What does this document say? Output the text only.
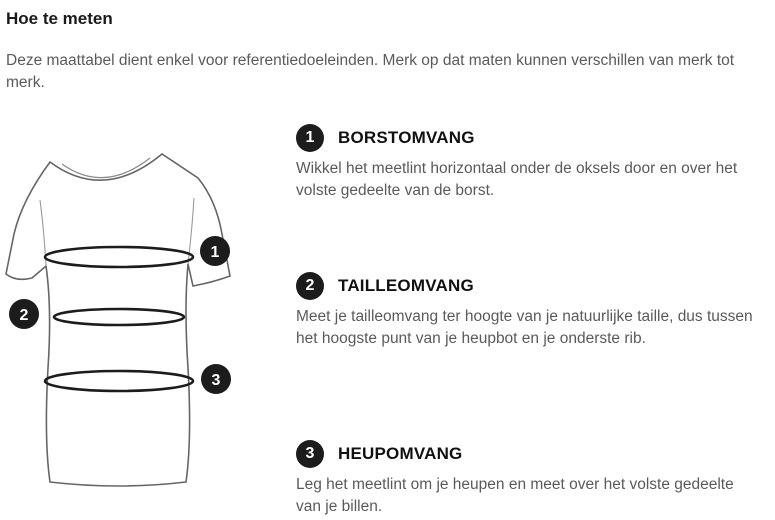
Hoe te meten
Deze maattabel dient enkel voor referentiedoeleinden. Merk op dat maten kunnen verschillen van merk tot merk.
1
2
3
1	BORSTOMVANG
Wikkel het meetlint horizontaal onder de oksels door en over het volste gedeelte van de borst.
2	TAILLEOMVANG
Meet je tailleomvang ter hoogte van je natuurlijke taille, dus tussen het hoogste punt van je heupbot en je onderste rib.
3	HEUPOMVANG
Leg het meetlint om je heupen en meet over het volste gedeelte van je billen.
